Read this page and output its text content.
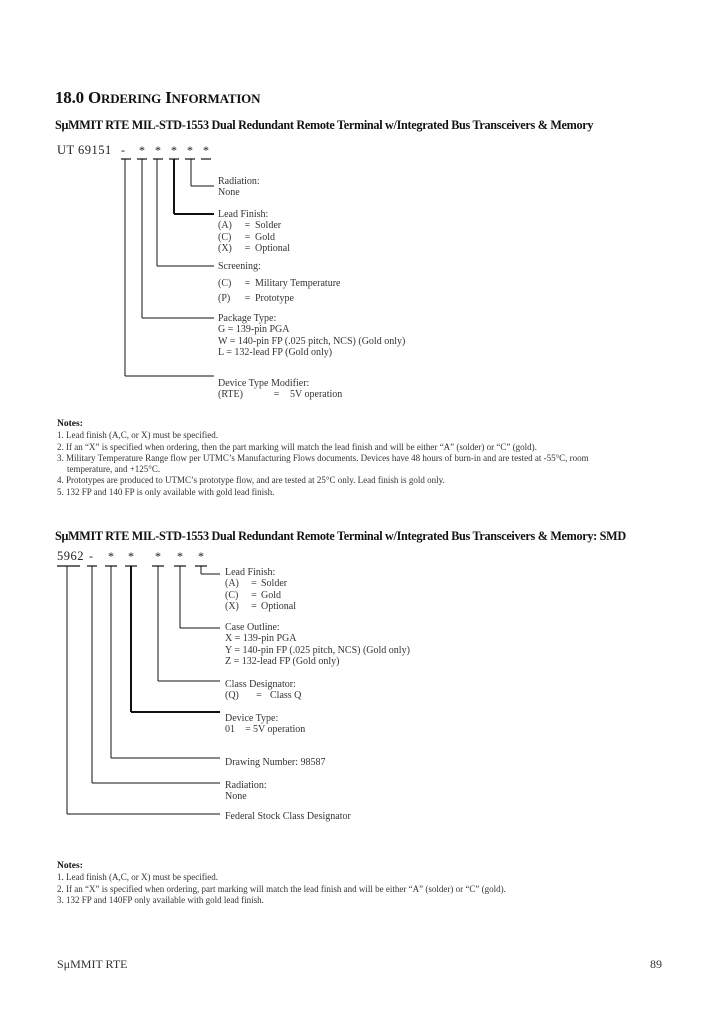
18.0 ORDERING INFORMATION
SμMMIT RTE MIL-STD-1553 Dual Redundant Remote Terminal w/Integrated Bus Transceivers & Memory
UT 69151 - * * * * *
Radiation:
None
Lead Finish:
(A) = Solder
(C) = Gold
(X) = Optional
Screening:
(C) = Military Temperature
(P) = Prototype
Package Type:
G = 139-pin PGA
W = 140-pin FP (.025 pitch, NCS) (Gold only)
L = 132-lead FP (Gold only)
Device Type Modifier:
(RTE)	= 5V operation
Notes:
1. Lead finish (A,C, or X) must be specified.
2. If an “X” is specified when ordering, then the part marking will match the lead finish and will be either “A” (solder) or “C” (gold).
3. Military Temperature Range flow per UTMC’s Manufacturing Flows documents. Devices have 48 hours of burn-in and are tested at -55°C, room
temperature, and +125°C.
4. Prototypes are produced to UTMC’s prototype flow, and are tested at 25°C only. Lead finish is gold only.
5. 132 FP and 140 FP is only available with gold lead finish.
SμMMIT RTE MIL-STD-1553 Dual Redundant Remote Terminal w/Integrated Bus Transceivers & Memory: SMD
5962 - * * * * *
Lead Finish:
(A) = Solder
(C) = Gold
(X) = Optional
Case Outline:
X = 139-pin PGA
Y = 140-pin FP (.025 pitch, NCS) (Gold only)
Z = 132-lead FP (Gold only)
Class Designator:
(Q) = Class Q
Device Type:
01 = 5V operation
Drawing Number: 98587
Radiation:
None
Federal Stock Class Designator
Notes:
1. Lead finish (A,C, or X) must be specified.
2. If an “X” is specified when ordering, part marking will match the lead finish and will be either “A” (solder) or “C” (gold).
3. 132 FP and 140FP only available with gold lead finish.
SμMMIT RTE	89
